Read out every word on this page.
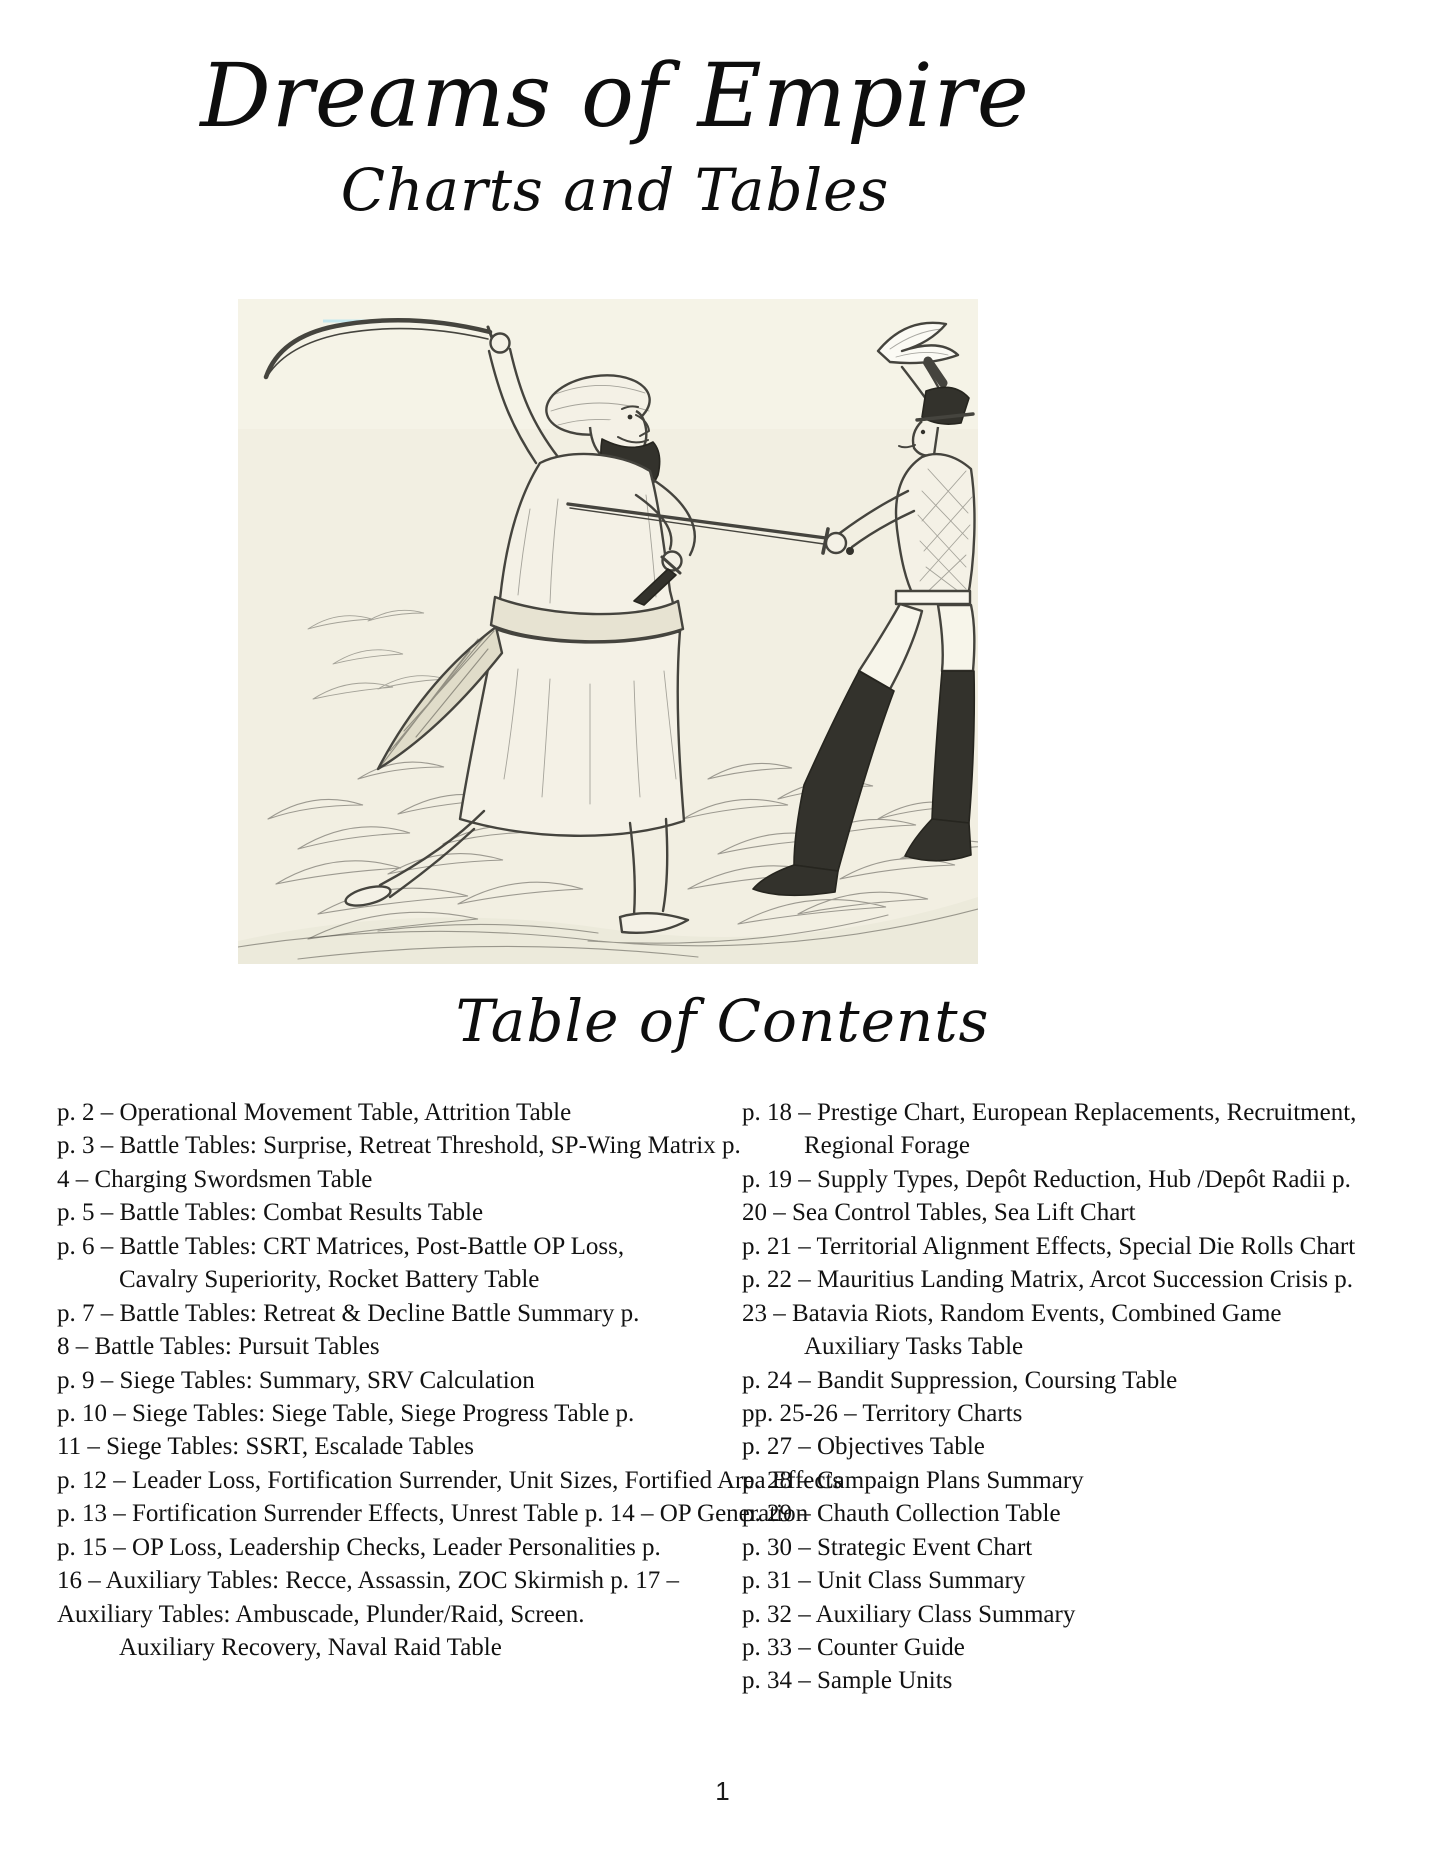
Dreams of Empire
Charts and Tables
Table of Contents
p. 2 – Operational Movement Table, Attrition Table
p. 3 – Battle Tables: Surprise, Retreat Threshold, SP-Wing Matrix p.
4 – Charging Swordsmen Table
p. 5 – Battle Tables: Combat Results Table
p. 6 – Battle Tables: CRT Matrices, Post-Battle OP Loss,
Cavalry Superiority, Rocket Battery Table
p. 7 – Battle Tables: Retreat & Decline Battle Summary p.
8 – Battle Tables: Pursuit Tables
p. 9 – Siege Tables: Summary, SRV Calculation
p. 10 – Siege Tables: Siege Table, Siege Progress Table p.
11 – Siege Tables: SSRT, Escalade Tables
p. 12 – Leader Loss, Fortification Surrender, Unit Sizes, Fortified Area Effects
p. 13 – Fortification Surrender Effects, Unrest Table p. 14 – OP Generation
p. 15 – OP Loss, Leadership Checks, Leader Personalities p.
16 – Auxiliary Tables: Recce, Assassin, ZOC Skirmish p. 17 –
Auxiliary Tables: Ambuscade, Plunder/Raid, Screen.
Auxiliary Recovery, Naval Raid Table
p. 18 – Prestige Chart, European Replacements, Recruitment,
Regional Forage
p. 19 – Supply Types, Depôt Reduction, Hub /Depôt Radii p.
20 – Sea Control Tables, Sea Lift Chart
p. 21 – Territorial Alignment Effects, Special Die Rolls Chart
p. 22 – Mauritius Landing Matrix, Arcot Succession Crisis p.
23 – Batavia Riots, Random Events, Combined Game
Auxiliary Tasks Table
p. 24 – Bandit Suppression, Coursing Table
pp. 25-26 – Territory Charts
p. 27 – Objectives Table
p. 28 – Campaign Plans Summary
p. 29 – Chauth Collection Table
p. 30 – Strategic Event Chart
p. 31 – Unit Class Summary
p. 32 – Auxiliary Class Summary
p. 33 – Counter Guide
p. 34 – Sample Units
1
